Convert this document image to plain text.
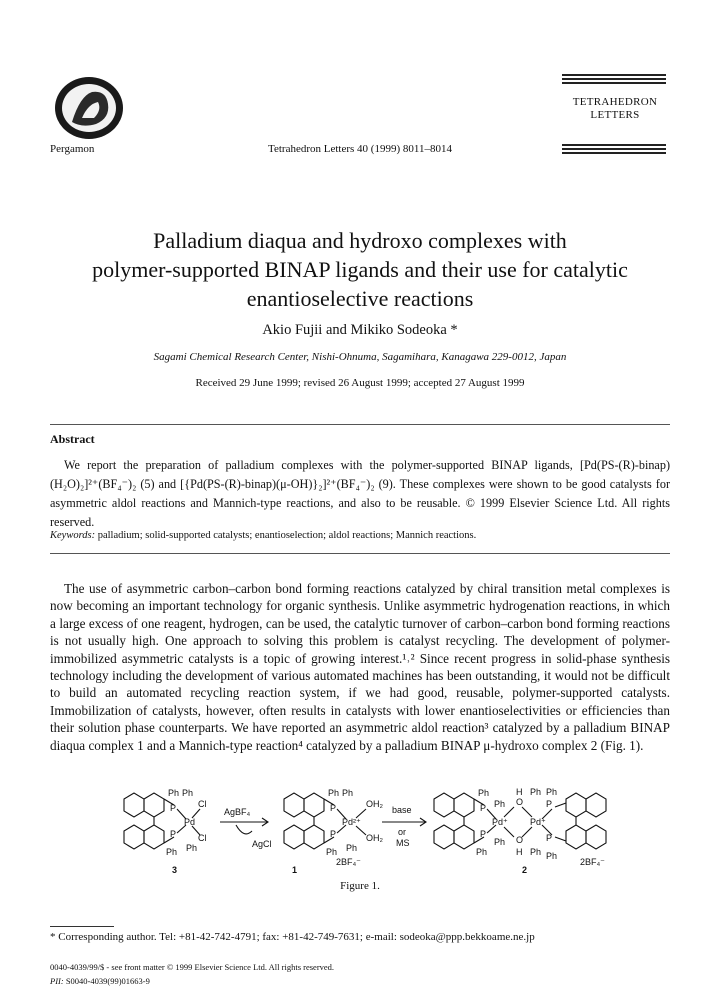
Pergamon	Tetrahedron Letters 40 (1999) 8011–8014
TETRAHEDRON
LETTERS
Palladium diaqua and hydroxo complexes with
polymer-supported BINAP ligands and their use for catalytic
enantioselective reactions
Akio Fujii and Mikiko Sodeoka *
Sagami Chemical Research Center, Nishi-Ohnuma, Sagamihara, Kanagawa 229-0012, Japan
Received 29 June 1999; revised 26 August 1999; accepted 27 August 1999
Abstract
We report the preparation of palladium complexes with the polymer-supported BINAP ligands, [Pd(PS-(R)-binap)(H₂O)₂]²⁺(BF₄⁻)₂ (5) and [{Pd(PS-(R)-binap)(μ-OH)}₂]²⁺(BF₄⁻)₂ (9). These complexes were shown to be good catalysts for asymmetric aldol reactions and Mannich-type reactions, and also to be reusable. © 1999 Elsevier Science Ltd. All rights reserved.
Keywords: palladium; solid-supported catalysts; enantioselection; aldol reactions; Mannich reactions.
The use of asymmetric carbon–carbon bond forming reactions catalyzed by chiral transition metal complexes is now becoming an important technology for organic synthesis. Unlike asymmetric hydrogenation reactions, in which a large excess of one reagent, hydrogen, can be used, the catalytic turnover of carbon–carbon bond forming reactions is not usually high. One approach to solving this problem is catalyst recycling. The development of polymer-immobilized asymmetric catalysts is a topic of growing interest.¹˒² Since recent progress in solid-phase synthesis technology including the development of various automated machines has been outstanding, it would not be difficult to build an automated recycling reaction system, if we had good, reusable, polymer-supported catalysts. Immobilization of catalysts, however, often results in catalysts with lower enantioselectivities or efficiencies than their solution phase counterparts. We have reported an asymmetric aldol reaction³ catalyzed by a palladium BINAP diaqua complex 1 and a Mannich-type reaction⁴ catalyzed by a palladium BINAP μ-hydroxo complex 2 (Fig. 1).
Ph Ph
P
Pd
Cl
Cl
P
Ph Ph
3
AgBF₄
AgCl
Ph Ph
P
Pd²⁺
OH₂
OH₂
P
Ph Ph
2BF₄⁻
1
base
or
MS
Ph
Ph
P
Pd⁺
O
O
H
H
Pd⁺
P
P
Ph Ph
P
Ph
Ph
Ph Ph
2BF₄⁻
2
Figure 1.
* Corresponding author. Tel: +81-42-742-4791; fax: +81-42-749-7631; e-mail: sodeoka@ppp.bekkoame.ne.jp
0040-4039/99/$ - see front matter © 1999 Elsevier Science Ltd. All rights reserved.
PII: S0040-4039(99)01663-9
